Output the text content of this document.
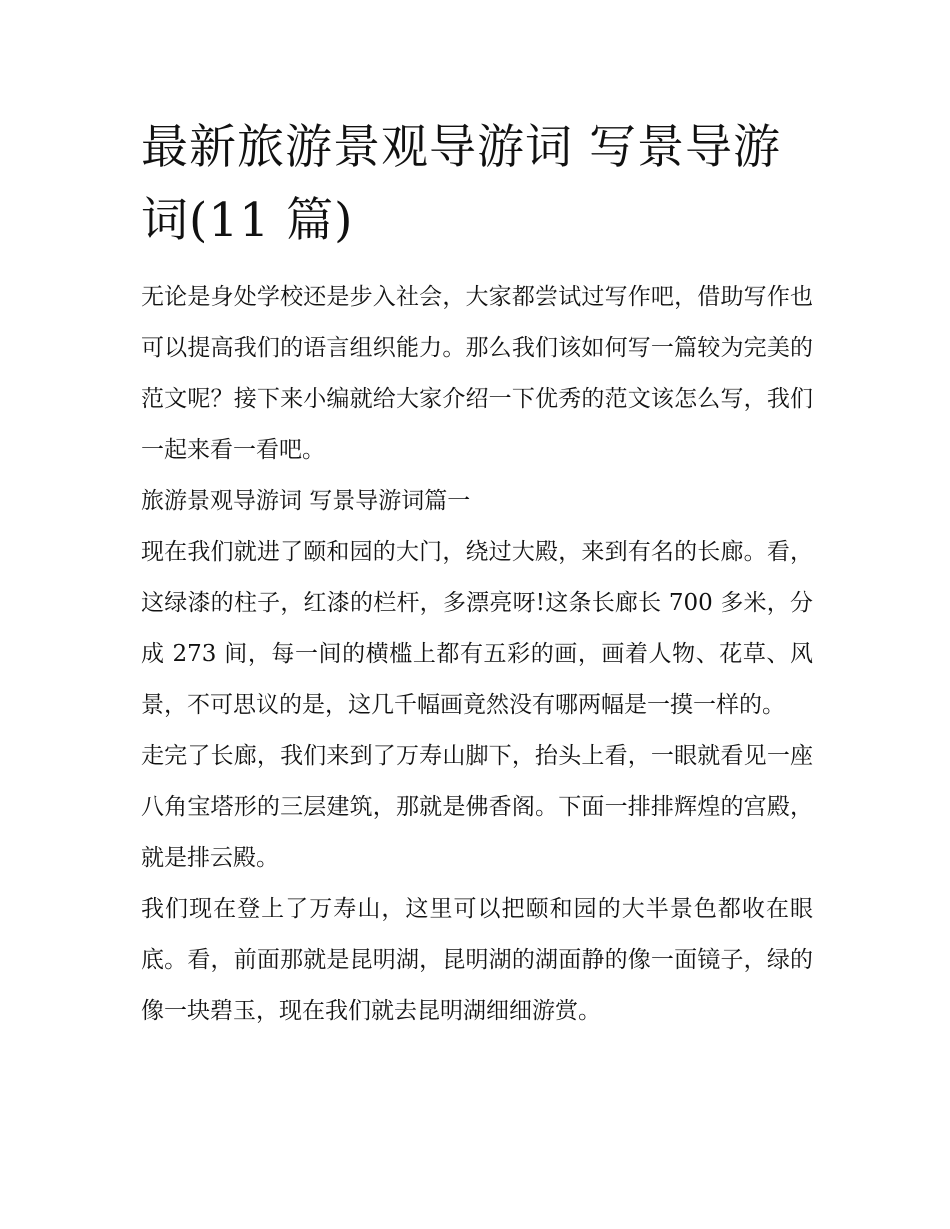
最新旅游景观导游词 写景导游词(11 篇)

无论是身处学校还是步入社会，大家都尝试过写作吧，借助写作也可以提高我们的语言组织能力。那么我们该如何写一篇较为完美的范文呢？接下来小编就给大家介绍一下优秀的范文该怎么写，我们一起来看一看吧。

旅游景观导游词 写景导游词篇一

现在我们就进了颐和园的大门，绕过大殿，来到有名的长廊。看，这绿漆的柱子，红漆的栏杆，多漂亮呀!这条长廊长 700 多米，分成 273 间，每一间的横槛上都有五彩的画，画着人物、花草、风景，不可思议的是，这几千幅画竟然没有哪两幅是一摸一样的。

走完了长廊，我们来到了万寿山脚下，抬头上看，一眼就看见一座八角宝塔形的三层建筑，那就是佛香阁。下面一排排辉煌的宫殿，就是排云殿。

我们现在登上了万寿山，这里可以把颐和园的大半景色都收在眼底。看，前面那就是昆明湖，昆明湖的湖面静的像一面镜子，绿的像一块碧玉，现在我们就去昆明湖细细游赏。
